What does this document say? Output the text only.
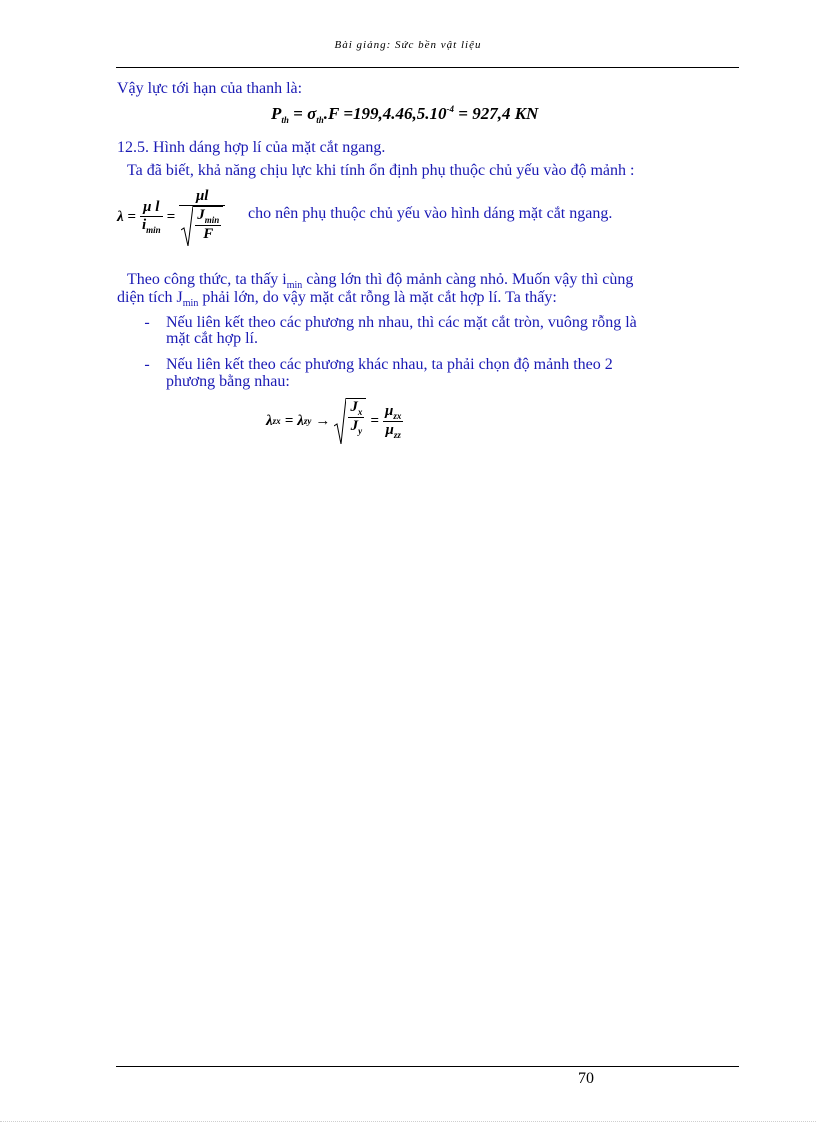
Bài giảng: Sức bền vật liệu
Vậy lực tới hạn của thanh là:
$P_{th} = \sigma_{th}.F =199,4.46,5.10^{-4} = 927,4$ KN
12.5. Hình dáng hợp lí của mặt cắt ngang.
Ta đã biết, khả năng chịu lực khi tính ổn định phụ thuộc chủ yếu vào độ mảnh :
$\lambda = \frac{\text{μ l}}{i_{min}} = \frac{\mu l}{\frac{J_{min}}{F}}$ cho nên phụ thuộc chủ yếu vào hình dáng mặt cắt ngang.
Theo công thức, ta thấy $i_{min}$ càng lớn thì độ mảnh càng nhỏ. Muốn vậy thì cùng
diện tích $J_{min}$ phải lớn, do vậy mặt cắt rỗng là mặt cắt hợp lí. Ta thấy:
- Nếu liên kết theo các phương nh nhau, thì các mặt cắt tròn, vuông rỗng là
mặt cắt hợp lí.
- Nếu liên kết theo các phương khác nhau, ta phải chọn độ mảnh theo 2
phương bằng nhau:
λ zx = λ zy → $\frac{J_x}{J_y} = \frac{\mu_{zx}}{\mu_{zz}}$
70
